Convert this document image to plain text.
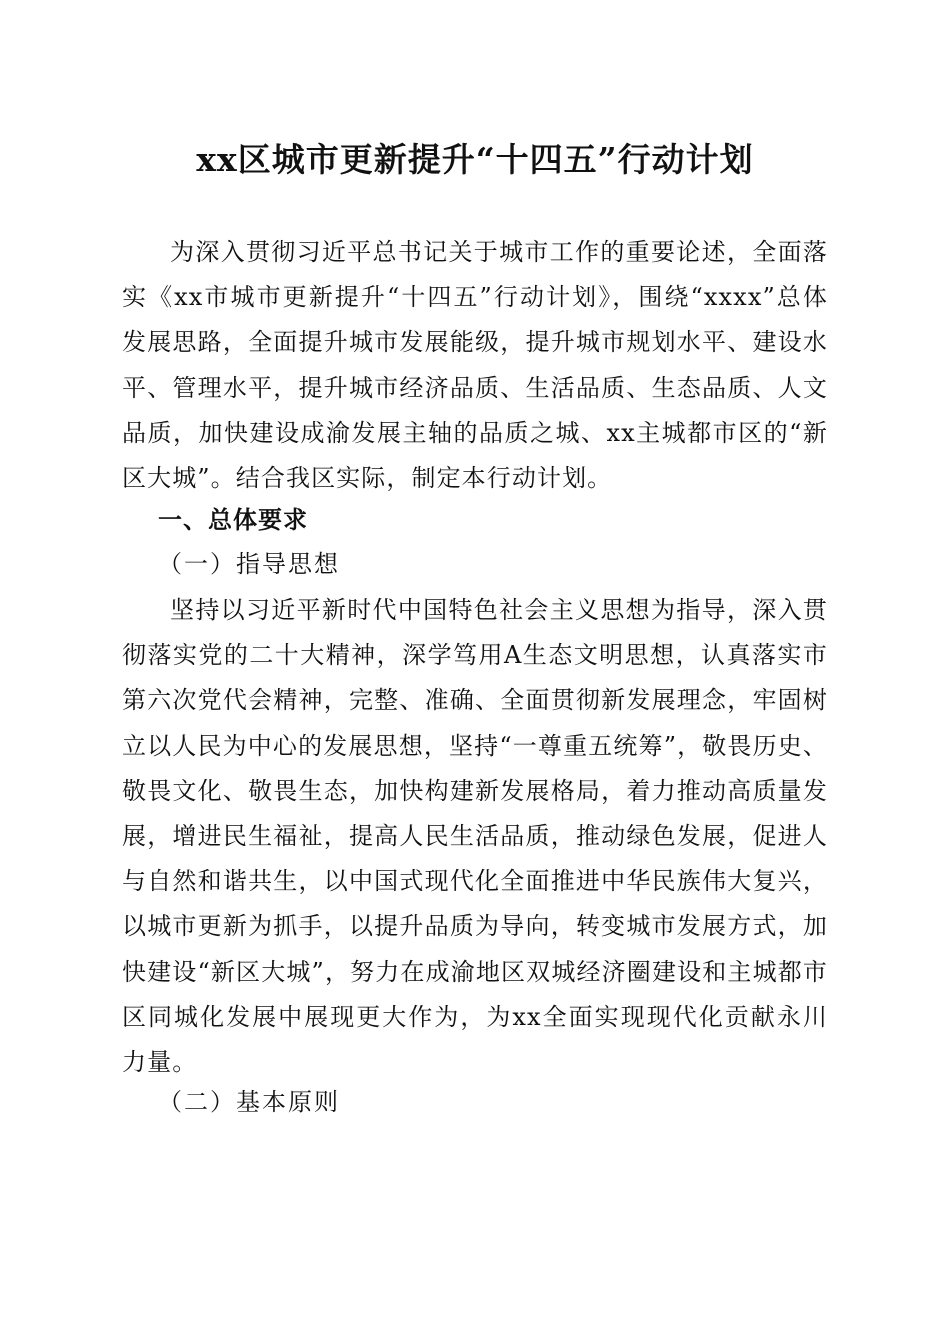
xx区城市更新提升“十四五”行动计划

为深入贯彻习近平总书记关于城市工作的重要论述，全面落实《xx市城市更新提升“十四五”行动计划》，围绕“xxxx”总体发展思路，全面提升城市发展能级，提升城市规划水平、建设水平、管理水平，提升城市经济品质、生活品质、生态品质、人文品质，加快建设成渝发展主轴的品质之城、xx主城都市区的“新区大城”。结合我区实际，制定本行动计划。

一、总体要求
（一）指导思想

坚持以习近平新时代中国特色社会主义思想为指导，深入贯彻落实党的二十大精神，深学笃用A生态文明思想，认真落实市第六次党代会精神，完整、准确、全面贯彻新发展理念，牢固树立以人民为中心的发展思想，坚持“一尊重五统筹”，敬畏历史、敬畏文化、敬畏生态，加快构建新发展格局，着力推动高质量发展，增进民生福祉，提高人民生活品质，推动绿色发展，促进人与自然和谐共生，以中国式现代化全面推进中华民族伟大复兴，以城市更新为抓手，以提升品质为导向，转变城市发展方式，加快建设“新区大城”，努力在成渝地区双城经济圈建设和主城都市区同城化发展中展现更大作为，为xx全面实现现代化贡献永川力量。

（二）基本原则
